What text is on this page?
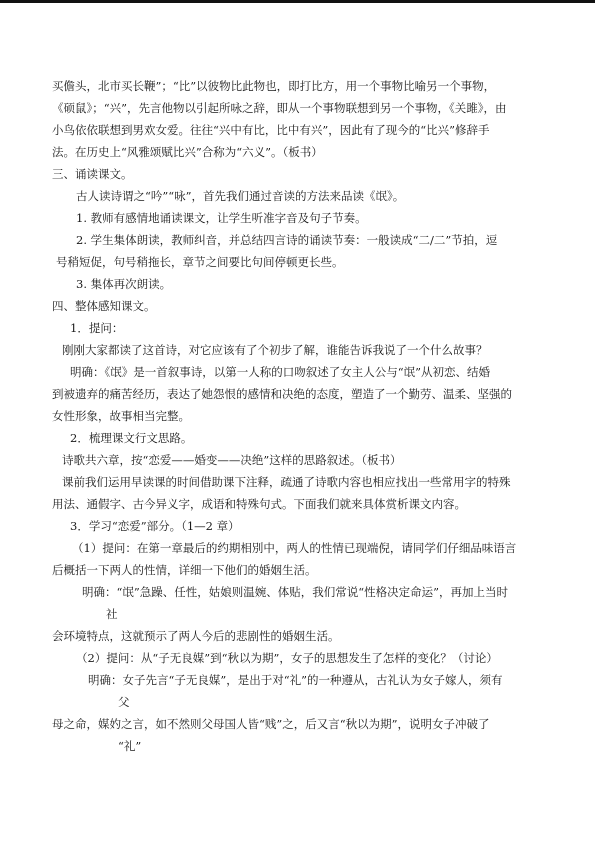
买儋头，北市买长鞭”；“比”以彼物比此物也，即打比方，用一个事物比喻另一个事物，
《硕鼠》；“兴”，先言他物以引起所咏之辞，即从一个事物联想到另一个事物，《关雎》，由
小鸟依依联想到男欢女爱。往往“兴中有比，比中有兴”，因此有了现今的“比兴”修辞手
法。在历史上“风雅颂赋比兴”合称为“六义”。（板书）
三、诵读课文。
古人读诗谓之“吟”“咏”，首先我们通过音读的方法来品读《氓》。
1. 教师有感情地诵读课文，让学生听准字音及句子节奏。
2. 学生集体朗读，教师纠音，并总结四言诗的诵读节奏：一般读成“二/二”节拍，逗
号稍短促，句号稍拖长，章节之间要比句间停顿更长些。
3. 集体再次朗读。
四、整体感知课文。
1．提问：
刚刚大家都读了这首诗，对它应该有了个初步了解，谁能告诉我说了一个什么故事？
明确：《氓》是一首叙事诗，以第一人称的口吻叙述了女主人公与“氓”从初恋、结婚
到被遗弃的痛苦经历，表达了她怨恨的感情和决绝的态度，塑造了一个勤劳、温柔、坚强的
女性形象，故事相当完整。
2．梳理课文行文思路。
诗歌共六章，按“恋爱——婚变——决绝”这样的思路叙述。（板书）
课前我们运用早读课的时间借助课下注释，疏通了诗歌内容也相应找出一些常用字的特殊
用法、通假字、古今异义字，成语和特殊句式。下面我们就来具体赏析课文内容。
3．学习“恋爱”部分。（1—2 章）
（1）提问：在第一章最后的约期相別中，两人的性情已现端倪，请同学们仔细品味语言
后概括一下两人的性情，详细一下他们的婚姻生活。
明确：“氓”急躁、任性，姑娘则温婉、体贴，我们常说“性格决定命运”，再加上当时
社
会环境特点，这就预示了两人今后的悲剧性的婚姻生活。
（2）提问：从“子无良媒”到“秋以为期”，女子的思想发生了怎样的变化？（讨论）
明确：女子先言“子无良媒”，是出于对“礼”的一种遵从，古礼认为女子嫁人，须有
父
母之命，媒妁之言，如不然则父母国人皆“贱”之，后又言“秋以为期”，说明女子冲破了
“礼”
